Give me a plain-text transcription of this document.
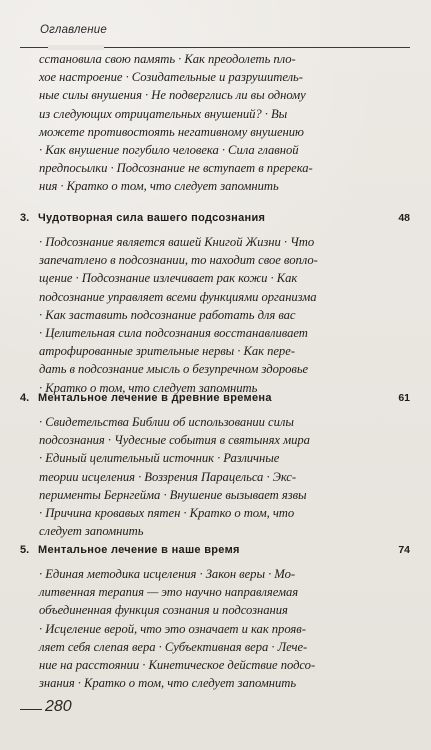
Оглавление
сстановила свою память · Как преодолеть пло-
хое настроение · Созидательные и разрушитель-
ные силы внушения · Не подверглись ли вы одному
из следующих отрицательных внушений? · Вы
можете противостоять негативному внушению
· Как внушение погубило человека · Сила главной
предпосылки · Подсознание не вступает в пререка-
ния · Кратко о том, что следует запомнить
3. Чудотворная сила вашего подсознания	48
· Подсознание является вашей Книгой Жизни · Что
запечатлено в подсознании, то находит свое вопло-
щение · Подсознание излечивает рак кожи · Как
подсознание управляет всеми функциями организма
· Как заставить подсознание работать для вас
· Целительная сила подсознания восстанавливает
атрофированные зрительные нервы · Как пере-
дать в подсознание мысль о безупречном здоровье
· Кратко о том, что следует запомнить
4. Ментальное лечение в древние времена	61
· Свидетельства Библии об использовании силы
подсознания · Чудесные события в святынях мира
· Единый целительный источник · Различные
теории исцеления · Воззрения Парацельса · Экс-
перименты Бернгейма · Внушение вызывает язвы
· Причина кровавых пятен · Кратко о том, что
следует запомнить
5. Ментальное лечение в наше время	74
· Единая методика исцеления · Закон веры · Мо-
литвенная терапия — это научно направляемая
объединенная функция сознания и подсознания
· Исцеление верой, что это означает и как прояв-
ляет себя слепая вера · Субъективная вера · Лече-
ние на расстоянии · Кинетическое действие подсо-
знания · Кратко о том, что следует запомнить
280
